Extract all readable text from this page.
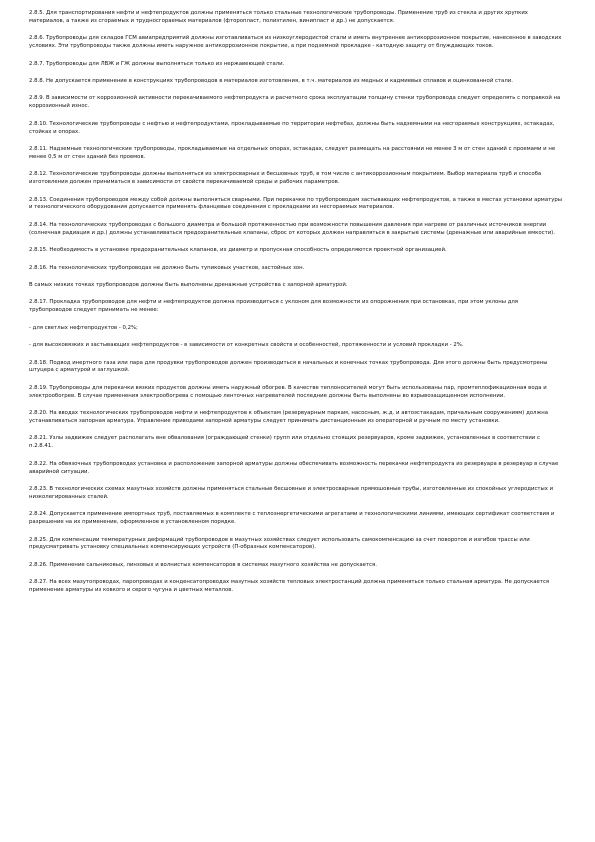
2.8.5. Для транспортирования нефти и нефтепродуктов должны применяться только стальные технологические трубопроводы. Применение труб из стекла и других хрупких материалов, а также из сгораемых и трудносгораемых материалов (фторопласт, полиэтилен, винипласт и др.) не допускается.

2.8.6. Трубопроводы для складов ГСМ авиапредприятий должны изготавливаться из низкоуглеродистой стали и иметь внутреннее антикоррозионное покрытие, нанесенное в заводских условиях. Эти трубопроводы также должны иметь наружное антикоррозионное покрытие, а при подземной прокладке - катодную защиту от блуждающих токов.

2.8.7. Трубопроводы для ЛВЖ и ГЖ должны выполняться только из нержавеющей стали.

2.8.8. Не допускается применение в конструкциях трубопроводов в материалов изготовления, в т.ч. материалов из медных и кадмиевых сплавов и оцинкованной стали.

2.8.9. В зависимости от коррозионной активности перекачиваемого нефтепродукта и расчетного срока эксплуатации толщину стенки трубопровода следует определять с поправкой на коррозионный износ.

2.8.10. Технологические трубопроводы с нефтью и нефтепродуктами, прокладываемые по территории нефтебаз, должны быть надземными на несгораемых конструкциях, эстакадах, стойках и опорах.

2.8.11. Надземные технологические трубопроводы, прокладываемые на отдельных опорах, эстакадах, следует размещать на расстоянии не менее 3 м от стен зданий с проемами и не менее 0,5 м от стен зданий без проемов.

2.8.12. Технологические трубопроводы должны выполняться из электросварных и бесшовных труб, в том числе с антикоррозионным покрытием. Выбор материала труб и способа изготовления должен приниматься в зависимости от свойств перекачиваемой среды и рабочих параметров.

2.8.13. Соединения трубопроводов между собой должны выполняться сварными. При перекачке по трубопроводам застывающих нефтепродуктов, а также в местах установки арматуры и технологического оборудования допускается применять фланцевые соединения с прокладками из несгораемых материалов.

2.8.14. На технологических трубопроводах с большого диаметра и большой протяженностью при возможности повышения давления при нагреве от различных источников энергии (солнечная радиация и др.) должны устанавливаться предохранительные клапаны, сброс от которых должен направляться в закрытые системы (дренажные или аварийные емкости).

2.8.15. Необходимость в установке предохранительных клапанов, их диаметр и пропускная способность определяются проектной организацией.

2.8.16. На технологических трубопроводах не должно быть тупиковых участков, застойных зон.

В самых низких точках трубопроводов должны быть выполнены дренажные устройства с запорной арматурой.

2.8.17. Прокладка трубопроводов для нефти и нефтепродуктов должна производиться с уклоном для возможности их опорожнения при остановках, при этом уклоны для трубопроводов следует принимать не менее:

- для светлых нефтепродуктов - 0,2%;

- для высоковязких и застывающих нефтепродуктов - в зависимости от конкретных свойств и особенностей, протяженности и условий прокладки - 2%.

2.8.18. Подвод инертного газа или пара для продувки трубопроводов должен производиться в начальных и конечных точках трубопровода. Для этого должны быть предусмотрены штуцера с арматурой и заглушкой.

2.8.19. Трубопроводы для перекачки вязких продуктов должны иметь наружный обогрев. В качестве теплоносителей могут быть использованы пар, промтеплофикационная вода и электрообогрев. В случае применения электрообогрева с помощью ленточных нагревателей последние должны быть выполнены во взрывозащищенном исполнении.

2.8.20. На вводах технологических трубопроводов нефти и нефтепродуктов к объектам (резервуарным паркам, насосным, ж.д. и автоэстакадам, причальным сооружениям) должна устанавливаться запорная арматура. Управление приводами запорной арматуры следует принимать дистанционным из операторной и ручным по месту установки.

2.8.21. Узлы задвижек следует располагать вне обвалования (ограждающей стенки) групп или отдельно стоящих резервуаров, кроме задвижек, установленных в соответствии с п.2.8.41.

2.8.22. На обвязочных трубопроводах установка и расположение запорной арматуры должны обеспечивать возможность перекачки нефтепродукта из резервуара в резервуар в случае аварийной ситуации.

2.8.23. В технологических схемах мазутных хозяйств должны применяться стальные бесшовные и электросварные прямошовные трубы, изготовленные из спокойных углеродистых и низколегированных сталей.

2.8.24. Допускается применение импортных труб, поставляемых в комплекте с теплоэнергетическими агрегатами и технологическими линиями, имеющих сертификат соответствия и разрешение на их применение, оформленное в установленном порядке.

2.8.25. Для компенсации температурных деформаций трубопроводов в мазутных хозяйствах следует использовать самокомпенсацию за счет поворотов и изгибов трассы или предусматривать установку специальных компенсирующих устройств (П-образных компенсаторов).

2.8.26. Применение сальниковых, линзовых и волнистых компенсаторов в системах мазутного хозяйства не допускается.

2.8.27. На всех мазутопроводах, паропроводах и конденсатопроводах мазутных хозяйств тепловых электростанций должна применяться только стальная арматура. Не допускается применение арматуры из ковкого и серого чугуна и цветных металлов.
